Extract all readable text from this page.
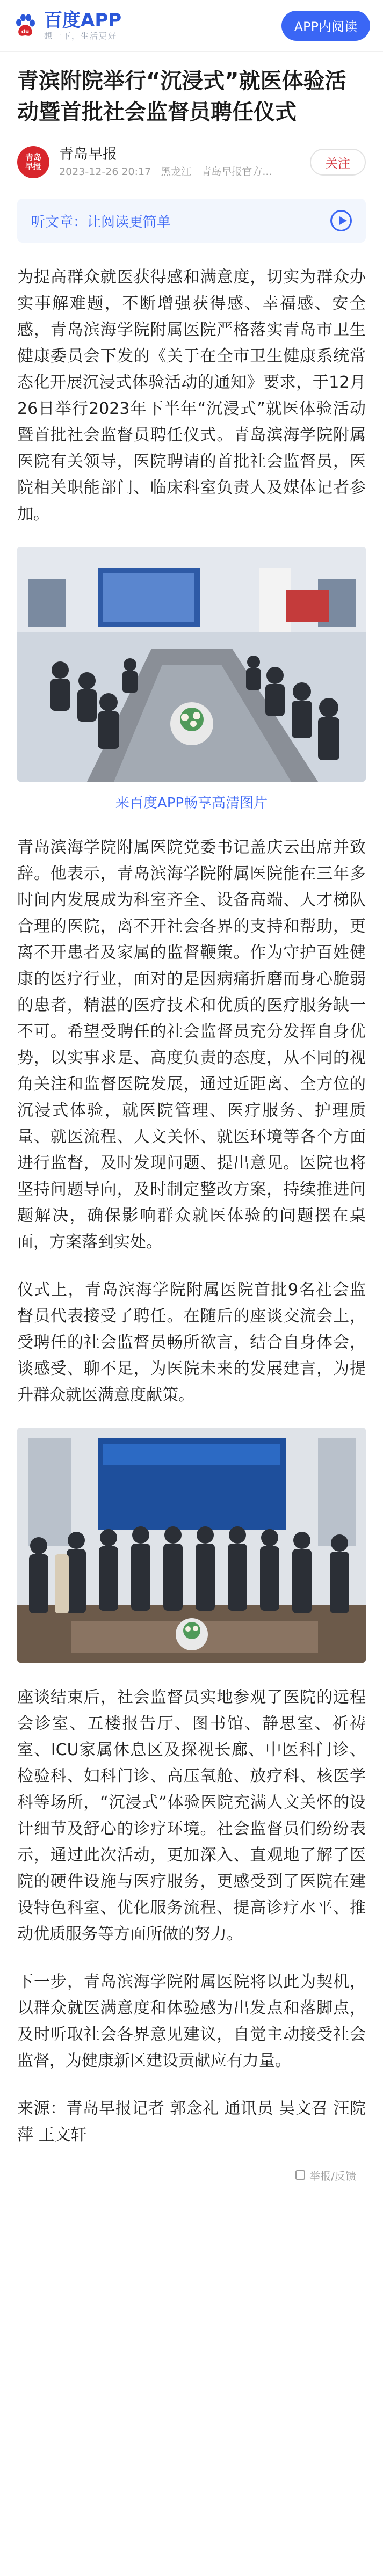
du
百度APP
想一下，生活更好
APP内阅读
青滨附院举行“沉浸式”就医体验活动暨首批社会监督员聘任仪式
青岛
早报
青岛早报
2023-12-26 20:17 黑龙江 青岛早报官方...
关注
听文章：让阅读更简单

为提高群众就医获得感和满意度，切实为群众办实事解难题，不断增强获得感、幸福感、安全感，青岛滨海学院附属医院严格落实青岛市卫生健康委员会下发的《关于在全市卫生健康系统常态化开展沉浸式体验活动的通知》要求，于12月26日举行2023年下半年“沉浸式”就医体验活动暨首批社会监督员聘任仪式。青岛滨海学院附属医院有关领导，医院聘请的首批社会监督员，医院相关职能部门、临床科室负责人及媒体记者参加。

来百度APP畅享高清图片

青岛滨海学院附属医院党委书记盖庆云出席并致辞。他表示，青岛滨海学院附属医院能在三年多时间内发展成为科室齐全、设备高端、人才梯队合理的医院，离不开社会各界的支持和帮助，更离不开患者及家属的监督鞭策。作为守护百姓健康的医疗行业，面对的是因病痛折磨而身心脆弱的患者，精湛的医疗技术和优质的医疗服务缺一不可。希望受聘任的社会监督员充分发挥自身优势，以实事求是、高度负责的态度，从不同的视角关注和监督医院发展，通过近距离、全方位的沉浸式体验，就医院管理、医疗服务、护理质量、就医流程、人文关怀、就医环境等各个方面进行监督，及时发现问题、提出意见。医院也将坚持问题导向，及时制定整改方案，持续推进问题解决，确保影响群众就医体验的问题摆在桌面，方案落到实处。

仪式上，青岛滨海学院附属医院首批9名社会监督员代表接受了聘任。在随后的座谈交流会上，受聘任的社会监督员畅所欲言，结合自身体会，谈感受、聊不足，为医院未来的发展建言，为提升群众就医满意度献策。

座谈结束后，社会监督员实地参观了医院的远程会诊室、五楼报告厅、图书馆、静思室、祈祷室、ICU家属休息区及探视长廊、中医科门诊、检验科、妇科门诊、高压氧舱、放疗科、核医学科等场所，“沉浸式”体验医院充满人文关怀的设计细节及舒心的诊疗环境。社会监督员们纷纷表示，通过此次活动，更加深入、直观地了解了医院的硬件设施与医疗服务，更感受到了医院在建设特色科室、优化服务流程、提高诊疗水平、推动优质服务等方面所做的努力。

下一步，青岛滨海学院附属医院将以此为契机，以群众就医满意度和体验感为出发点和落脚点，及时听取社会各界意见建议，自觉主动接受社会监督，为健康新区建设贡献应有力量。

来源：青岛早报记者 郭念礼 通讯员 吴文召 汪院萍 王文轩

举报/反馈
